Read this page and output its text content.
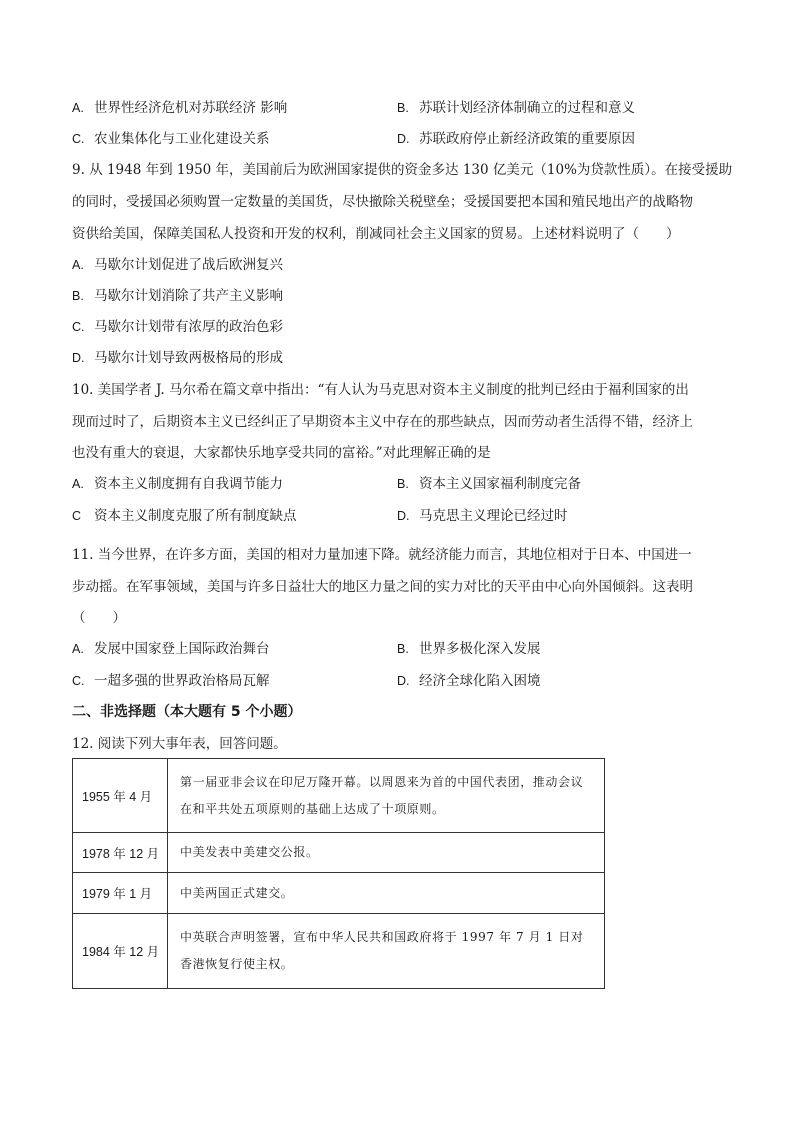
A. 世界性经济危机对苏联经济 影响	B. 苏联计划经济体制确立的过程和意义
C. 农业集体化与工业化建设关系	D. 苏联政府停止新经济政策的重要原因
9. 从 1948 年到 1950 年，美国前后为欧洲国家提供的资金多达 130 亿美元（10%为贷款性质）。在接受援助
的同时，受援国必须购置一定数量的美国货，尽快撤除关税壁垒；受援国要把本国和殖民地出产的战略物
资供给美国，保障美国私人投资和开发的权利，削减同社会主义国家的贸易。上述材料说明了（　　）
A. 马歇尔计划促进了战后欧洲复兴
B. 马歇尔计划消除了共产主义影响
C. 马歇尔计划带有浓厚的政治色彩
D. 马歇尔计划导致两极格局的形成
10. 美国学者 J. 马尔希在篇文章中指出：“有人认为马克思对资本主义制度的批判已经由于福利国家的出
现而过时了，后期资本主义已经纠正了早期资本主义中存在的那些缺点，因而劳动者生活得不错，经济上
也没有重大的衰退，大家都快乐地享受共同的富裕。”对此理解正确的是
A. 资本主义制度拥有自我调节能力	B. 资本主义国家福利制度完备
C 资本主义制度克服了所有制度缺点	D. 马克思主义理论已经过时
11. 当今世界，在许多方面，美国的相对力量加速下降。就经济能力而言，其地位相对于日本、中国进一
步动摇。在军事领域，美国与许多日益壮大的地区力量之间的实力对比的天平由中心向外国倾斜。这表明
（　　）
A. 发展中国家登上国际政治舞台	B. 世界多极化深入发展
C. 一超多强的世界政治格局瓦解	D. 经济全球化陷入困境
二、非选择题（本大题有 5 个小题）
12. 阅读下列大事年表，回答问题。
1955 年 4 月	第一届亚非会议在印尼万隆开幕。以周恩来为首的中国代表团，推动会议在和平共处五项原则的基础上达成了十项原则。
1978 年 12 月	中美发表中美建交公报。
1979 年 1 月	中美两国正式建交。
1984 年 12 月	中英联合声明签署，宣布中华人民共和国政府将于 1997 年 7 月 1 日对香港恢复行使主权。
